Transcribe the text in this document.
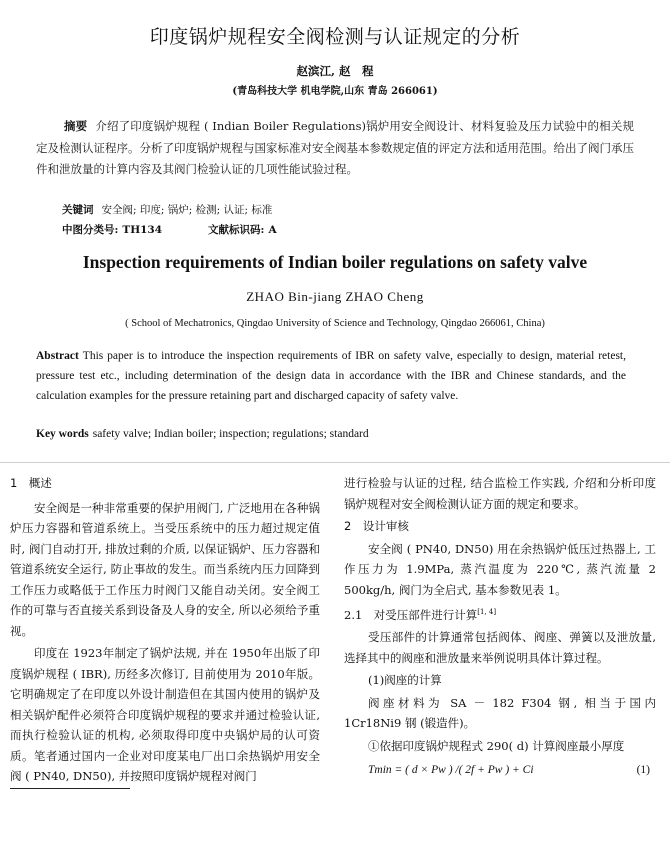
印度锅炉规程安全阀检测与认证规定的分析
赵滨江, 赵　程
(青岛科技大学 机电学院,山东 青岛 266061)
摘要 介绍了印度锅炉规程 ( Indian Boiler Regulations)锅炉用安全阀设计、材料复验及压力试验中的相关规定及检测认证程序。分析了印度锅炉规程与国家标准对安全阀基本参数规定值的评定方法和适用范围。给出了阀门承压件和泄放量的计算内容及其阀门检验认证的几项性能试验过程。
关键词 安全阀; 印度; 锅炉; 检测; 认证; 标准
中图分类号: TH134	文献标识码: A
Inspection requirements of Indian boiler regulations on safety valve
ZHAO Bin-jiang ZHAO Cheng
( School of Mechatronics, Qingdao University of Science and Technology, Qingdao 266061, China)
Abstract This paper is to introduce the inspection requirements of IBR on safety valve, especially to design, material retest, pressure test etc., including determination of the design data in accordance with the IBR and Chinese standards, and the calculation examples for the pressure retaining part and discharged capacity of safety valve.
Key words safety valve; Indian boiler; inspection; regulations; standard
1　概述
安全阀是一种非常重要的保护用阀门, 广泛地用在各种锅炉压力容器和管道系统上。当受压系统中的压力超过规定值时, 阀门自动打开, 排放过剩的介质, 以保证锅炉、压力容器和管道系统安全运行, 防止事故的发生。而当系统内压力回降到工作压力或略低于工作压力时阀门又能自动关闭。安全阀工作的可靠与否直接关系到设备及人身的安全, 所以必须给予重视。
印度在 1923年制定了锅炉法规, 并在 1950年出版了印度锅炉规程 ( IBR), 历经多次修订, 目前使用为 2010年版。它明确规定了在印度以外设计制造但在其国内使用的锅炉及相关锅炉配件必须符合印度锅炉规程的要求并通过检验认证, 而执行检验认证的机构, 必须取得印度中央锅炉局的认可资质。笔者通过国内一企业对印度某电厂出口余热锅炉用安全阀 ( PN40, DN50), 并按照印度锅炉规程对阀门
进行检验与认证的过程, 结合监检工作实践, 介绍和分析印度锅炉规程对安全阀检测认证方面的规定和要求。
2　设计审核
安全阀 ( PN40, DN50) 用在余热锅炉低压过热器上, 工作压力为 1.9MPa, 蒸汽温度为 220℃, 蒸汽流量 2 500kg/h, 阀门为全启式, 基本参数见表 1。
2.1　对受压部件进行计算[1, 4]
受压部件的计算通常包括阀体、阀座、弹簧以及泄放量, 选择其中的阀座和泄放量来举例说明具体计算过程。
(1)阀座的计算
阀座材料为 SA － 182 F304 钢, 相当于国内 1Cr18Ni9 钢 (锻造件)。
①依据印度锅炉规程式 290( d) 计算阀座最小厚度
Tmin = ( d × Pw ) /( 2f + Pw ) + Ci	(1)
